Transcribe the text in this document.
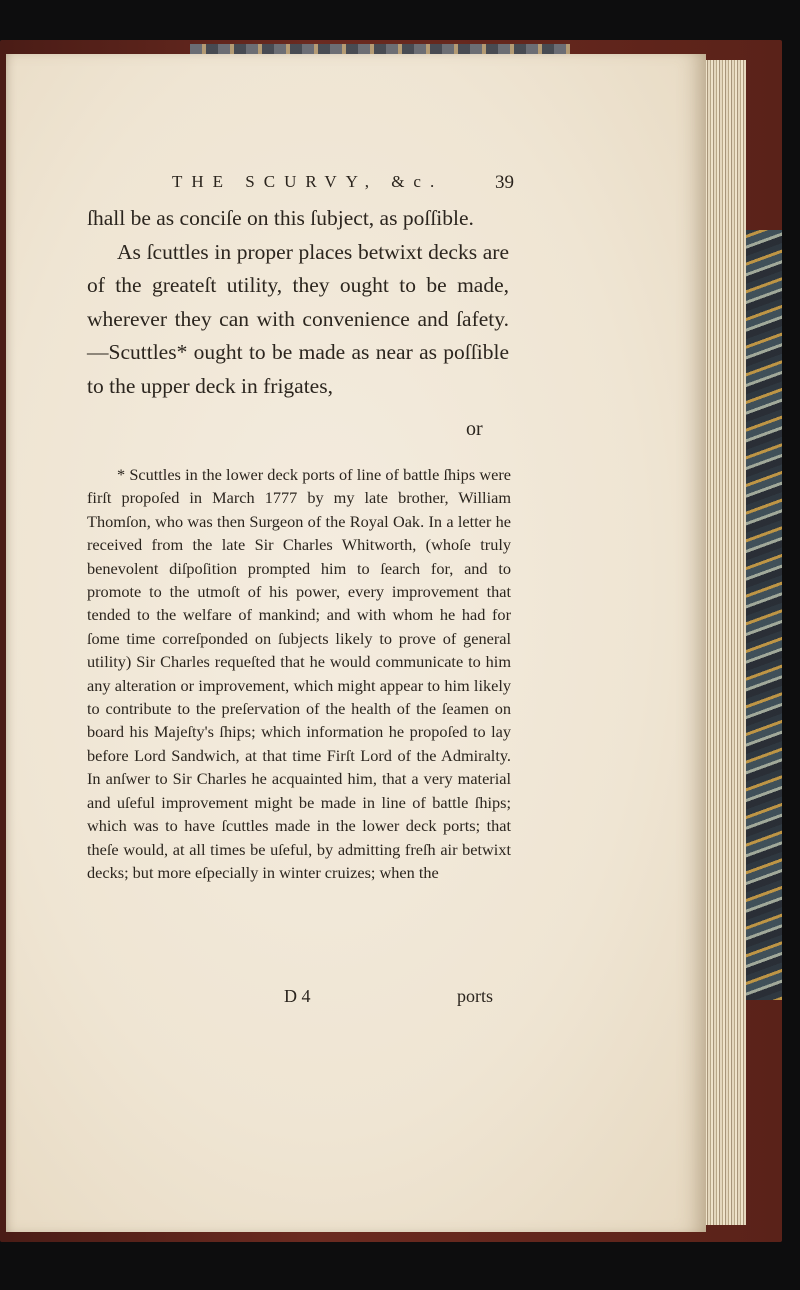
THE SCURVY, &c.	39

ſhall be as conciſe on this ſubject, as poſſible.

As ſcuttles in proper places betwixt decks are of the greateſt utility, they ought to be made, wherever they can with convenience and ſafety.—Scuttles* ought to be made as near as poſſible to the upper deck in frigates,

or

* Scuttles in the lower deck ports of line of battle ſhips were firſt propoſed in March 1777 by my late brother, William Thomſon, who was then Surgeon of the Royal Oak. In a letter he received from the late Sir Charles Whitworth, (whoſe truly benevolent diſpoſition prompted him to ſearch for, and to promote to the utmoſt of his power, every improvement that tended to the welfare of mankind; and with whom he had for ſome time correſponded on ſubjects likely to prove of general utility) Sir Charles requeſted that he would communicate to him any alteration or improvement, which might appear to him likely to contribute to the preſervation of the health of the ſeamen on board his Majeſty's ſhips; which information he propoſed to lay before Lord Sandwich, at that time Firſt Lord of the Admiralty. In anſwer to Sir Charles he acquainted him, that a very material and uſeful improvement might be made in line of battle ſhips; which was to have ſcuttles made in the lower deck ports; that theſe would, at all times be uſeful, by admitting freſh air betwixt decks; but more eſpecially in winter cruizes; when the

D 4	ports
